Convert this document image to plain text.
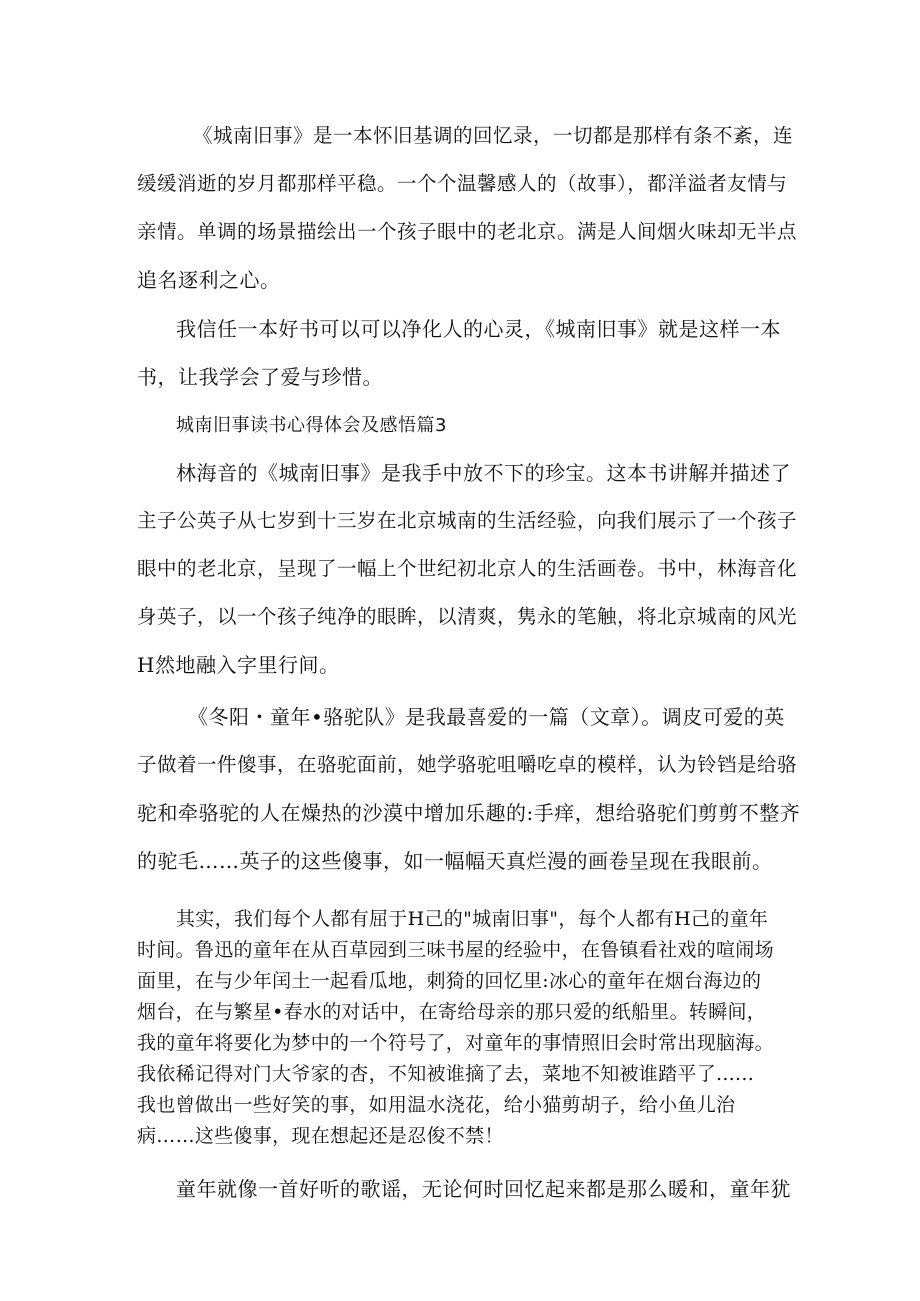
《城南旧事》是一本怀旧基调的回忆录，一切都是那样有条不紊，连
缓缓消逝的岁月都那样平稳。一个个温馨感人的（故事），都洋溢者友情与
亲情。单调的场景描绘出一个孩子眼中的老北京。满是人间烟火味却无半点
追名逐利之心。
我信任一本好书可以可以净化人的心灵，《城南旧事》就是这样一本
书，让我学会了爱与珍惜。
城南旧事读书心得体会及感悟篇3
林海音的《城南旧事》是我手中放不下的珍宝。这本书讲解并描述了
主子公英子从七岁到十三岁在北京城南的生活经验，向我们展示了一个孩子
眼中的老北京，呈现了一幅上个世纪初北京人的生活画卷。书中，林海音化
身英子，以一个孩子纯净的眼眸，以清爽，隽永的笔触，将北京城南的风光
H然地融入字里行间。
《冬阳・童年•骆驼队》是我最喜爱的一篇（文章）。调皮可爱的英
子做着一件傻事，在骆驼面前，她学骆驼咀嚼吃卓的模样，认为铃铛是给骆
驼和牵骆驼的人在燥热的沙漠中增加乐趣的:手痒，想给骆驼们剪剪不整齐
的驼毛……英子的这些傻事，如一幅幅天真烂漫的画卷呈现在我眼前。
其实，我们每个人都有屈于H己的"城南旧事"，每个人都有H己的童年
时间。鲁迅的童年在从百草园到三味书屋的经验中，在鲁镇看社戏的喧闹场
面里，在与少年闰土一起看瓜地，刺猗的回忆里:冰心的童年在烟台海边的
烟台，在与繁星•春水的对话中，在寄给母亲的那只爱的纸船里。转瞬间，
我的童年将要化为梦中的一个符号了，对童年的事情照旧会时常出现脑海。
我依稀记得对门大爷家的杏，不知被谁摘了去，菜地不知被谁踏平了......
我也曾做出一些好笑的事，如用温水浇花，给小猫剪胡子，给小鱼儿治
病……这些傻事，现在想起还是忍俊不禁！
童年就像一首好听的歌谣，无论何时回忆起来都是那么暖和，童年犹
